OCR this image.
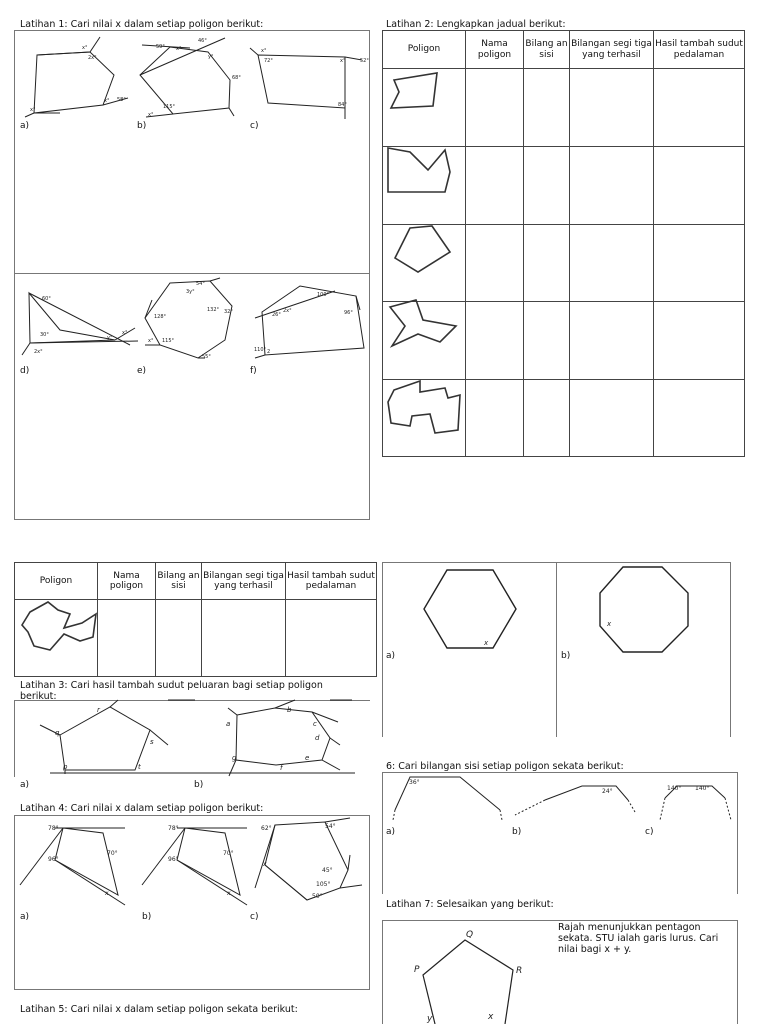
Latihan 1: Cari nilai x dalam setiap poligon berikut:
a)	b)	c)
d)	e)	f)
x°
2x°
x°
x° 58°
59° x°
46°
y°
68°
115°
x°
x°
72°	x°	52°
84°
60°
30°
2x°
y°
x°
54°
3y°
132° 32°
128°
x° 115°
55°
100°
26°
2x°	96°
110° 2
Latihan 2: Lengkapkan jadual berikut:
Poligon	Nama poligon	Bilang an sisi	Bilangan segi tiga yang terhasil	Hasil tambah sudut pedalaman

Poligon	Nama poligon	Bilang an sisi	Bilangan segi tiga yang terhasil	Hasil tambah sudut pedalaman

Latihan 3: Cari hasil tambah sudut peluaran bagi setiap poligon berikut:
a)	b)
r
q
s
p	t
a
b
c
d
g
f
e
Latihan 4: Cari nilai x dalam setiap poligon berikut:
a)	b)	c)
78°
70°
96°
x
78°
70°
96°
x
62°	54°
x
45°
105°
50°
Latihan 5: Cari nilai x dalam setiap poligon sekata berikut:
a)	b)
x
x
6: Cari bilangan sisi setiap poligon sekata berikut:
a)	b)	c)
36°
24°	140° 140°
Latihan 7: Selesaikan yang berikut:
Rajah menunjukkan pentagon sekata. STU ialah garis lurus. Cari nilai bagi x + y.
Q
P	R
y	x
